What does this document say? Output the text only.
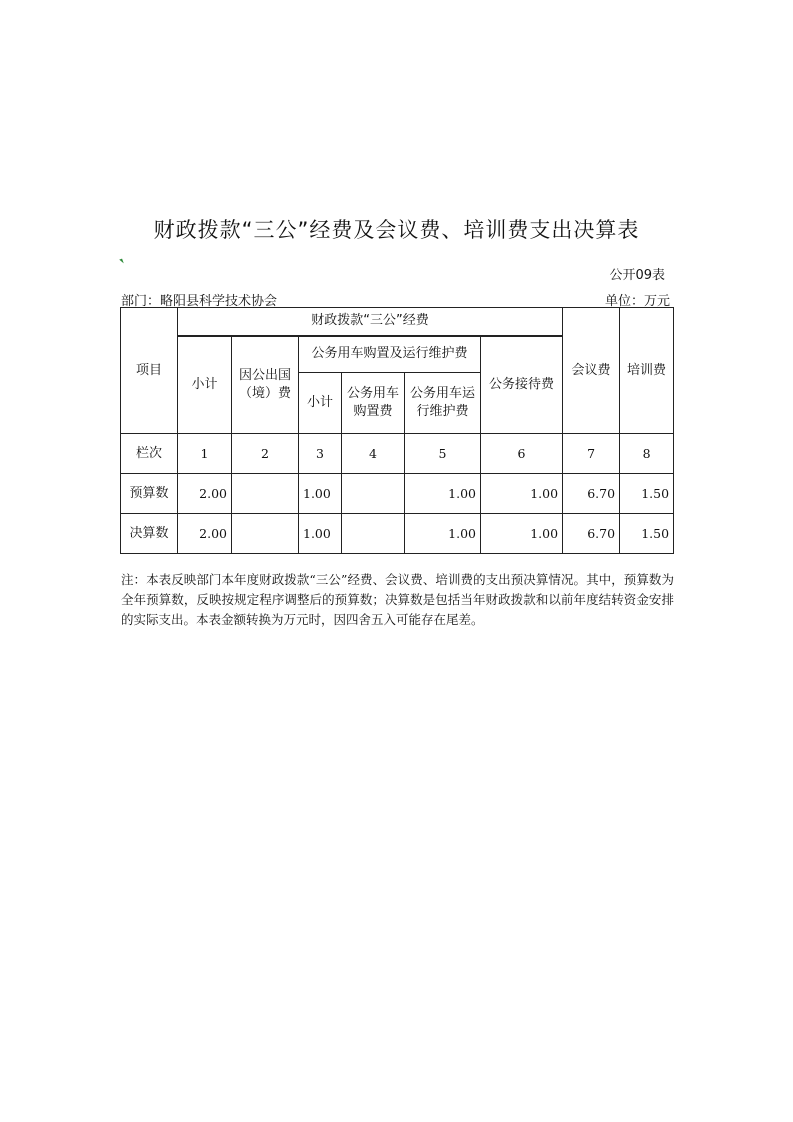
财政拨款“三公”经费及会议费、培训费支出决算表
公开09表
部门：略阳县科学技术协会	单位：万元
项目	财政拨款“三公”经费						会议费	培训费
	小计	因公出国（境）费	公务用车购置及运行维护费			公务接待费		
			小计	公务用车购置费	公务用车运行维护费			
栏次	1	2	3	4	5	6	7	8
预算数	2.00		1.00		1.00	1.00	6.70	1.50
决算数	2.00		1.00		1.00	1.00	6.70	1.50
注：本表反映部门本年度财政拨款“三公”经费、会议费、培训费的支出预决算情况。其中，预算数为全年预算数，反映按规定程序调整后的预算数；决算数是包括当年财政拨款和以前年度结转资金安排的实际支出。本表金额转换为万元时，因四舍五入可能存在尾差。
